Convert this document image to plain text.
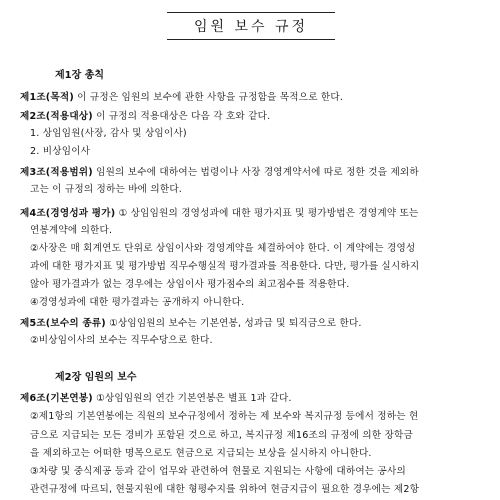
임원 보수 규정
제1장 총칙
제1조(목적) 이 규정은 임원의 보수에 관한 사항을 규정함을 목적으로 한다.
제2조(적용대상) 이 규정의 적용대상은 다음 각 호와 같다.
1. 상임임원(사장, 감사 및 상임이사)
2. 비상임이사
제3조(적용범위) 임원의 보수에 대하여는 법령이나 사장 경영계약서에 따로 정한 것을 제외하
고는 이 규정의 정하는 바에 의한다.
제4조(경영성과 평가) ① 상임임원의 경영성과에 대한 평가지표 및 평가방법은 경영계약 또는
연봉계약에 의한다.
②사장은 매 회계연도 단위로 상임이사와 경영계약을 체결하여야 한다. 이 계약에는 경영성
과에 대한 평가지표 및 평가방법 직무수행실적 평가결과를 적용한다. 다만, 평가를 실시하지
않아 평가결과가 없는 경우에는 상임이사 평가점수의 최고점수를 적용한다.
④경영성과에 대한 평가결과는 공개하지 아니한다.
제5조(보수의 종류) ①상임임원의 보수는 기본연봉, 성과급 및 퇴직금으로 한다.
②비상임이사의 보수는 직무수당으로 한다.
제2장 임원의 보수
제6조(기본연봉) ①상임임원의 연간 기본연봉은 별표 1과 같다.
②제1항의 기본연봉에는 직원의 보수규정에서 정하는 제 보수와 복지규정 등에서 정하는 현
금으로 지급되는 모든 경비가 포함된 것으로 하고, 복지규정 제16조의 규정에 의한 장학금
을 제외하고는 어떠한 명목으로도 현금으로 지급되는 보상을 실시하지 아니한다.
③차량 및 중식제공 등과 같이 업무와 관련하여 현물로 지원되는 사항에 대하여는 공사의
관련규정에 따르되, 현물지원에 대한 형평수지를 위하여 현금지급이 필요한 경우에는 제2항
